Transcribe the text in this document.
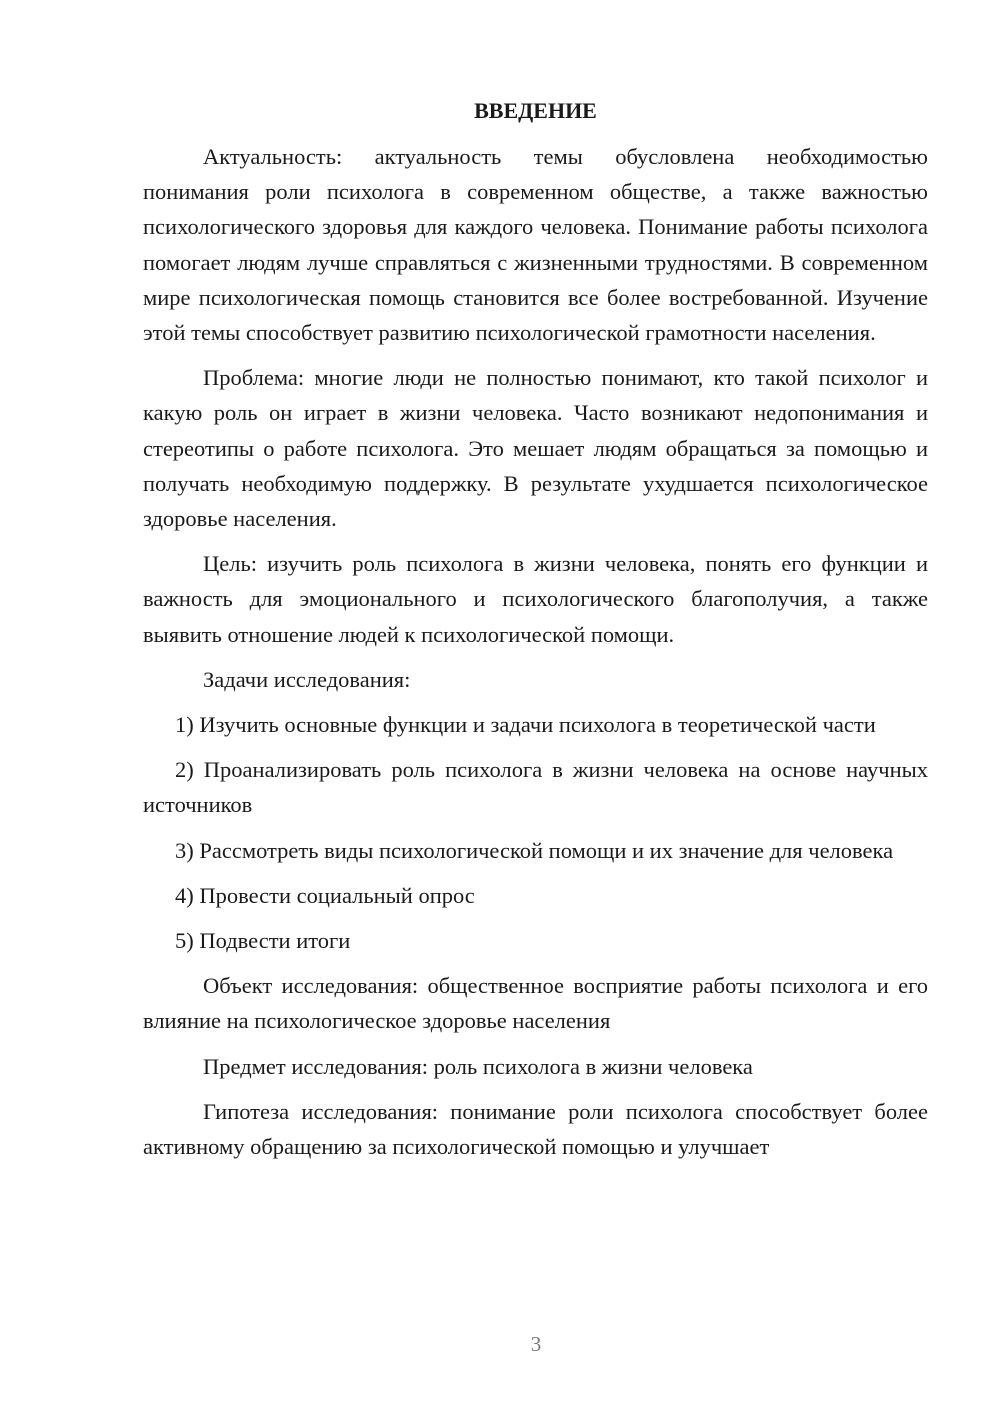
ВВЕДЕНИЕ

Актуальность: актуальность темы обусловлена необходимостью понимания роли психолога в современном обществе, а также важностью психологического здоровья для каждого человека. Понимание работы психолога помогает людям лучше справляться с жизненными трудностями. В современном мире психологическая помощь становится все более востребованной. Изучение этой темы способствует развитию психологической грамотности населения.

Проблема: многие люди не полностью понимают, кто такой психолог и какую роль он играет в жизни человека. Часто возникают недопонимания и стереотипы о работе психолога. Это мешает людям обращаться за помощью и получать необходимую поддержку. В результате ухудшается психологическое здоровье населения.

Цель: изучить роль психолога в жизни человека, понять его функции и важность для эмоционального и психологического благополучия, а также выявить отношение людей к психологической помощи.

Задачи исследования:

1) Изучить основные функции и задачи психолога в теоретической части

2) Проанализировать роль психолога в жизни человека на основе научных источников

3) Рассмотреть виды психологической помощи и их значение для человека

4) Провести социальный опрос

5) Подвести итоги

Объект исследования: общественное восприятие работы психолога и его влияние на психологическое здоровье населения

Предмет исследования: роль психолога в жизни человека

Гипотеза исследования: понимание роли психолога способствует более активному обращению за психологической помощью и улучшает

3
